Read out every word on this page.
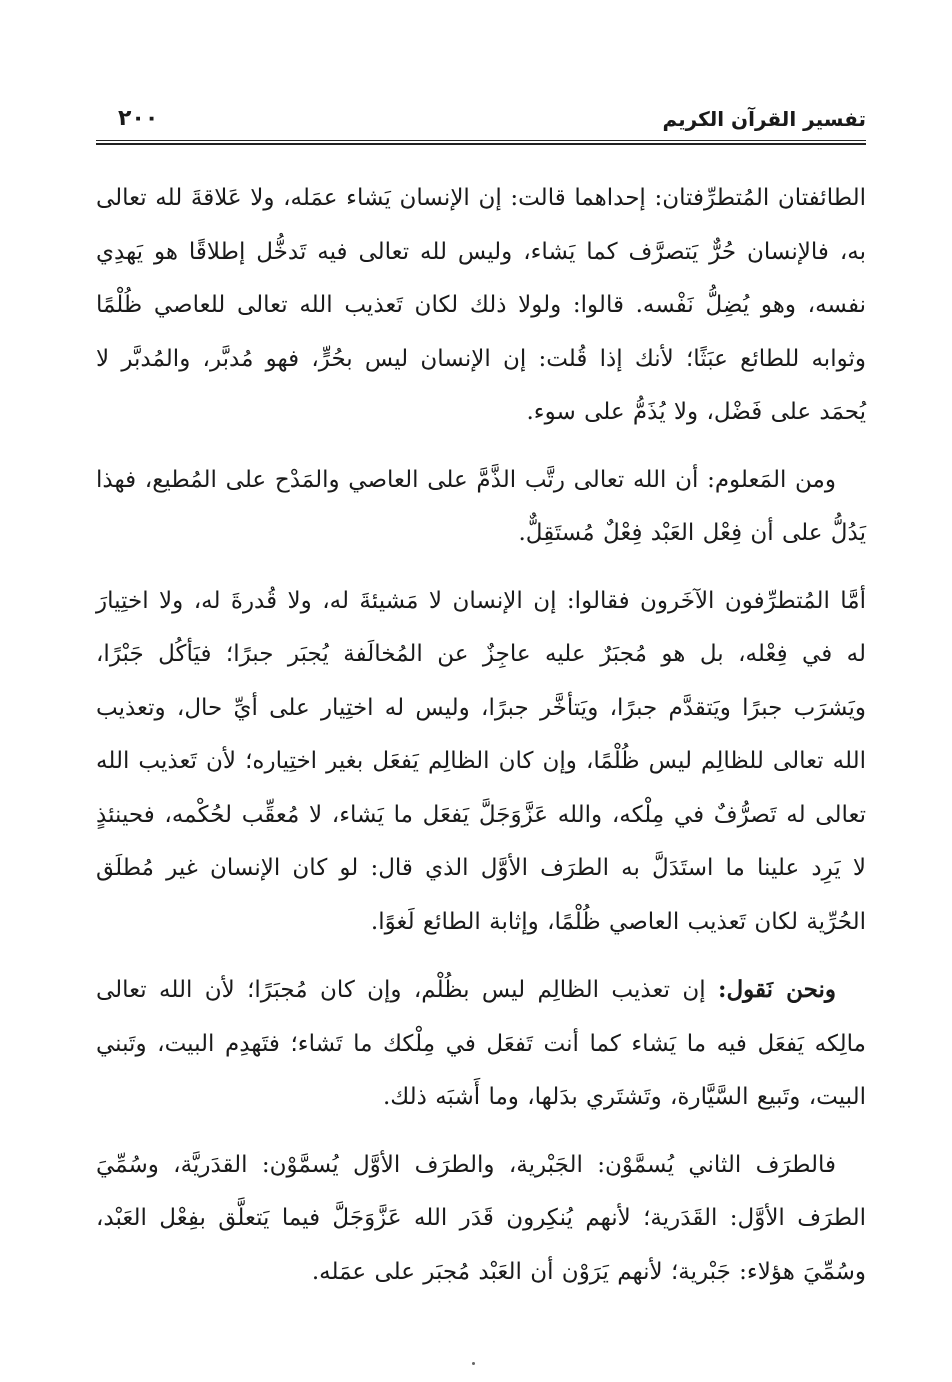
تفسير القرآن الكريم
٢٠٠

الطائفتان المُتطرِّفتان: إحداهما قالت: إن الإنسان يَشاء عمَله، ولا عَلاقةَ لله تعالى به، فالإنسان حُرٌّ يَتصرَّف كما يَشاء، وليس لله تعالى فيه تَدخُّل إطلاقًا هو يَهدِي نفسه، وهو يُضِلُّ نَفْسه. قالوا: ولولا ذلك لكان تَعذيب الله تعالى للعاصي ظُلْمًا وثوابه للطائع عبَثًا؛ لأنك إذا قُلت: إن الإنسان ليس بحُرٍّ، فهو مُدبَّر، والمُدبَّر لا يُحمَد على فَضْل، ولا يُذَمُّ على سوء.

ومن المَعلوم: أن الله تعالى رتَّب الذَّمَّ على العاصي والمَدْح على المُطيع، فهذا يَدُلُّ على أن فِعْل العَبْد فِعْلٌ مُستَقِلٌّ.

أمَّا المُتطرِّفون الآخَرون فقالوا: إن الإنسان لا مَشيئةَ له، ولا قُدرةَ له، ولا اختِيارَ له في فِعْله، بل هو مُجبَرٌ عليه عاجِزٌ عن المُخالَفة يُجبَر جبرًا؛ فيَأكُل جَبْرًا، ويَشرَب جبرًا ويَتقدَّم جبرًا، ويَتأخَّر جبرًا، وليس له اختِيار على أيِّ حال، وتعذيب الله تعالى للظالِم ليس ظُلْمًا، وإن كان الظالِم يَفعَل بغير اختِياره؛ لأن تَعذيب الله تعالى له تَصرُّفٌ في مِلْكه، والله عَزَّوَجَلَّ يَفعَل ما يَشاء، لا مُعقِّب لحُكْمه، فحينئذٍ لا يَرِد علينا ما استَدَلَّ به الطرَف الأوَّل الذي قال: لو كان الإنسان غير مُطلَق الحُرِّية لكان تَعذيب العاصي ظُلْمًا، وإثابة الطائع لَغوًا.

ونحن نَقول: إن تعذيب الظالِم ليس بظُلْم، وإن كان مُجبَرًا؛ لأن الله تعالى مالِكه يَفعَل فيه ما يَشاء كما أنت تَفعَل في مِلْكك ما تَشاء؛ فتَهدِم البيت، وتَبني البيت، وتَبيع السَّيَّارة، وتَشتَري بدَلها، وما أَشبَه ذلك.

فالطرَف الثاني يُسمَّوْن: الجَبْرية، والطرَف الأوَّل يُسمَّوْن: القدَريَّة، وسُمِّيَ الطرَف الأوَّل: القَدَرية؛ لأنهم يُنكِرون قَدَر الله عَزَّوَجَلَّ فيما يَتعلَّق بفِعْل العَبْد، وسُمِّيَ هؤلاء: جَبْرية؛ لأنهم يَرَوْن أن العَبْد مُجبَر على عمَله.
